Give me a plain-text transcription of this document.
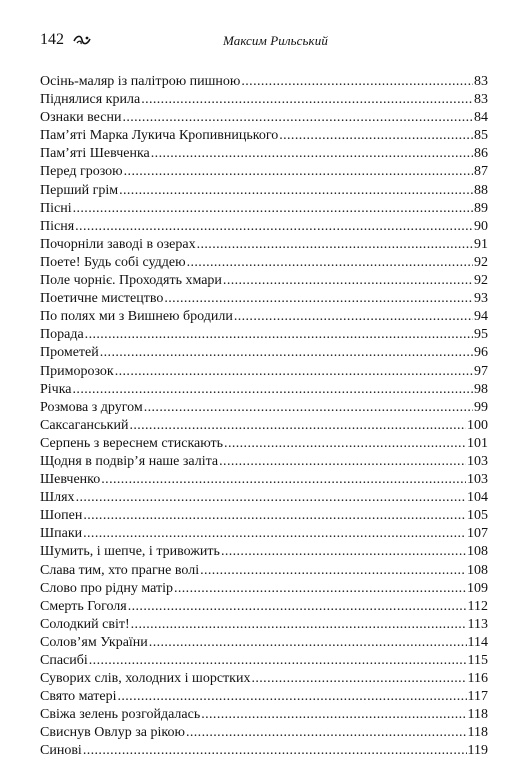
142	Максим Рильський
Осінь-маляр із палітрою пишною .....	83
Піднялися крила .....	83
Ознаки весни .....	84
Пам’яті Марка Лукича Кропивницького .....	85
Пам’яті Шевченка .....	86
Перед грозою .....	87
Перший грім .....	88
Пісні .....	89
Пісня .....	90
Почорніли заводі в озерах .....	91
Поете! Будь собі суддею .....	92
Поле чорніє. Проходять хмари .....	92
Поетичне мистецтво .....	93
По полях ми з Вишнею бродили .....	94
Порада .....	95
Прометей .....	96
Приморозок .....	97
Річка .....	98
Розмова з другом .....	99
Саксаганський .....	100
Серпень з вереснем стискають .....	101
Щодня в подвір’я наше заліта .....	103
Шевченко .....	103
Шлях .....	104
Шопен .....	105
Шпаки .....	107
Шумить, і шепче, і тривожить .....	108
Слава тим, хто прагне волі .....	108
Слово про рідну матір .....	109
Смерть Гоголя .....	112
Солодкий світ! .....	113
Солов’ям України .....	114
Спасибі .....	115
Суворих слів, холодних і шорстких .....	116
Свято матері .....	117
Свіжа зелень розгойдалась .....	118
Свиснув Овлур за рікою .....	118
Синові .....	119
